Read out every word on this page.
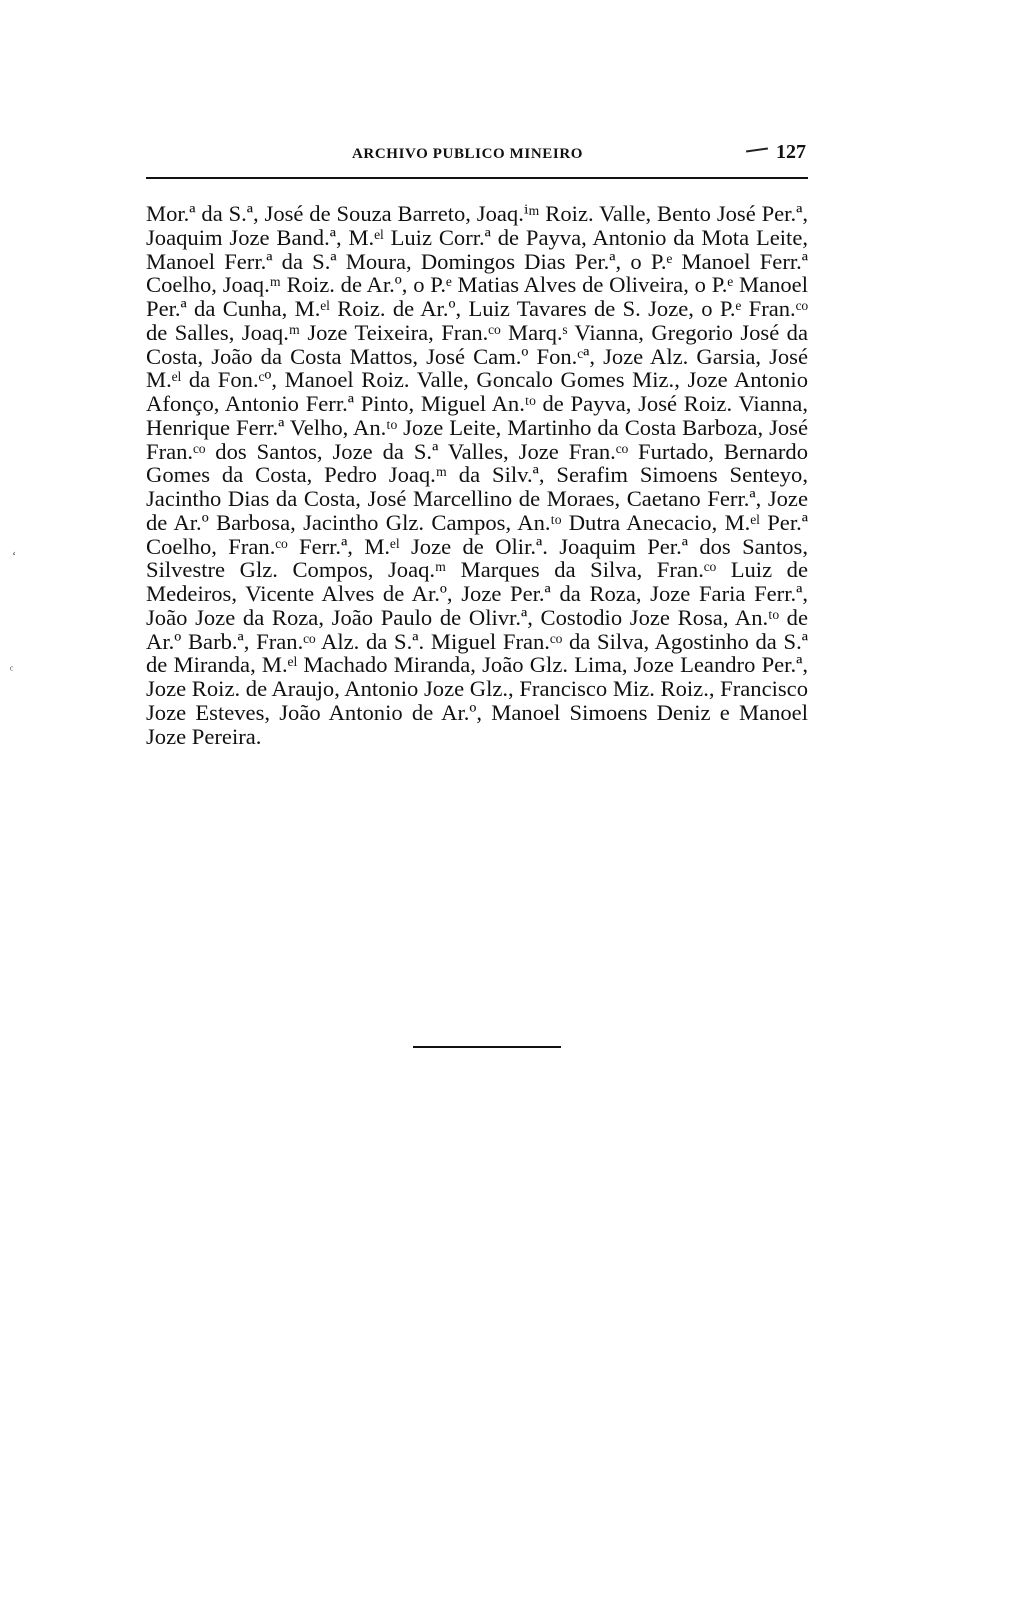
ARCHIVO PUBLICO MINEIRO	127
ʻ
ᶜ

Mor.ª da S.ª, José de Souza Barreto, Joaq.ⁱᵐ Roiz. Valle, Bento José Per.ª, Joaquim Joze Band.ª, M.ᵉˡ Luiz Corr.ª de Payva, Antonio da Mota Leite, Manoel Ferr.ª da S.ª Moura, Domingos Dias Per.ª, o P.ᵉ Manoel Ferr.ª Coelho, Joaq.ᵐ Roiz. de Ar.º, o P.ᵉ Matias Alves de Oliveira, o P.ᵉ Manoel Per.ª da Cunha, M.ᵉˡ Roiz. de Ar.º, Luiz Tavares de S. Joze, o P.ᵉ Fran.ᶜᵒ de Salles, Joaq.ᵐ Joze Teixeira, Fran.ᶜᵒ Marq.ˢ Vianna, Gregorio José da Costa, João da Costa Mattos, José Cam.º Fon.ᶜª, Joze Alz. Garsia, José M.ᵉˡ da Fon.ᶜº, Manoel Roiz. Valle, Goncalo Gomes Miz., Joze Antonio Afonço, Antonio Ferr.ª Pinto, Miguel An.ᵗᵒ de Payva, José Roiz. Vianna, Henrique Ferr.ª Velho, An.ᵗᵒ Joze Leite, Martinho da Costa Barboza, José Fran.ᶜᵒ dos Santos, Joze da S.ª Valles, Joze Fran.ᶜᵒ Furtado, Bernardo Gomes da Costa, Pedro Joaq.ᵐ da Silv.ª, Serafim Simoens Senteyo, Jacintho Dias da Costa, José Marcellino de Moraes, Caetano Ferr.ª, Joze de Ar.º Barbosa, Jacintho Glz. Campos, An.ᵗᵒ Dutra Anecacio, M.ᵉˡ Per.ª Coelho, Fran.ᶜᵒ Ferr.ª, M.ᵉˡ Joze de Olir.ª. Joaquim Per.ª dos Santos, Silvestre Glz. Compos, Joaq.ᵐ Marques da Silva, Fran.ᶜᵒ Luiz de Medeiros, Vicente Alves de Ar.º, Joze Per.ª da Roza, Joze Faria Ferr.ª, João Joze da Roza, João Paulo de Olivr.ª, Costodio Joze Rosa, An.ᵗᵒ de Ar.º Barb.ª, Fran.ᶜᵒ Alz. da S.ª. Miguel Fran.ᶜᵒ da Silva, Agostinho da S.ª de Miranda, M.ᵉˡ Machado Miranda, João Glz. Lima, Joze Leandro Per.ª, Joze Roiz. de Araujo, Antonio Joze Glz., Francisco Miz. Roiz., Francisco Joze Esteves, João Antonio de Ar.º, Manoel Simoens Deniz e Manoel Joze Pereira.
